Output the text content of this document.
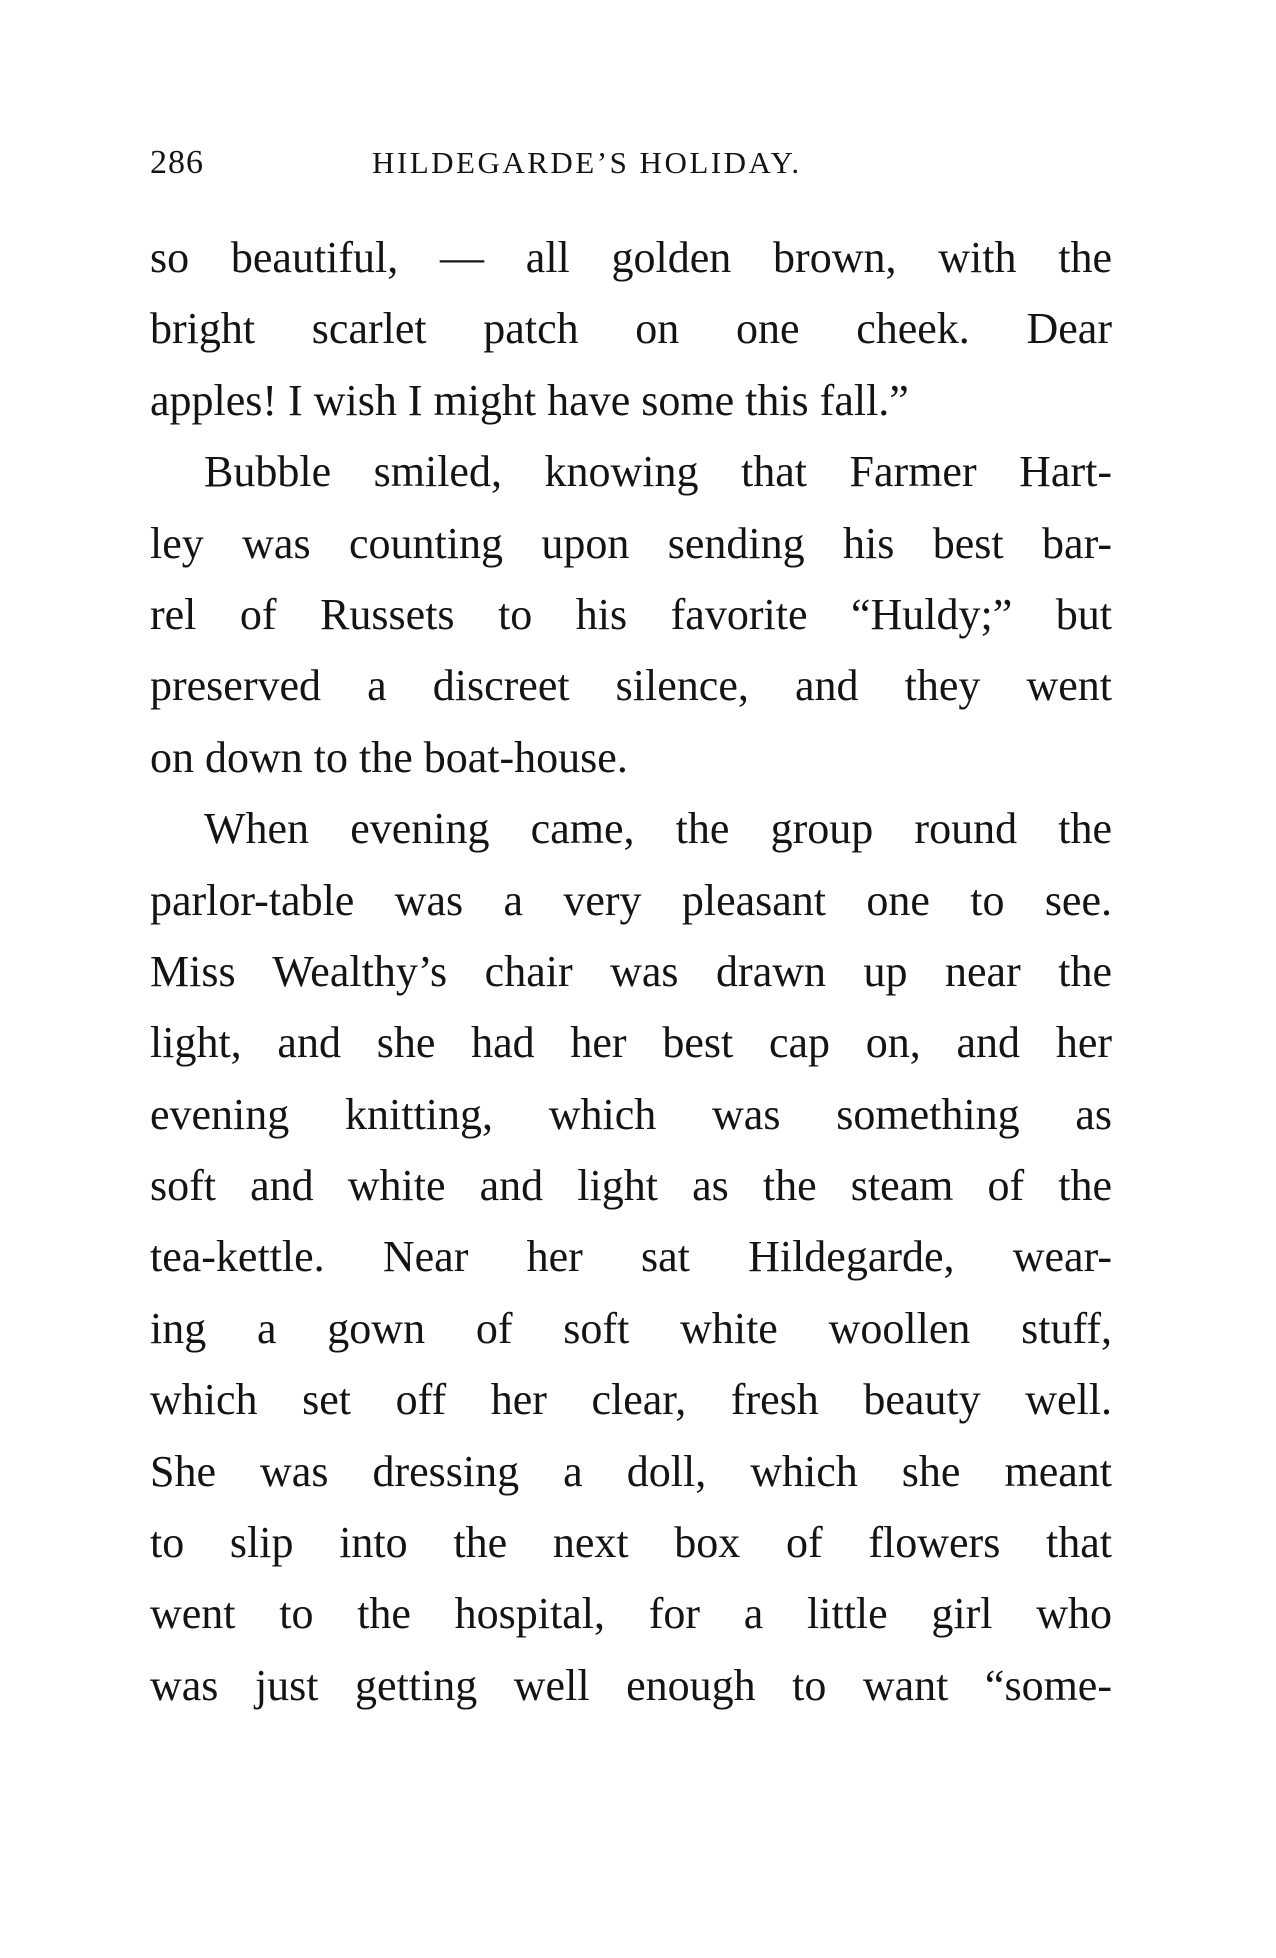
286	HILDEGARDE’S HOLIDAY.
so beautiful, — all golden brown, with the
bright scarlet patch on one cheek. Dear
apples! I wish I might have some this fall.”
Bubble smiled, knowing that Farmer Hart-
ley was counting upon sending his best bar-
rel of Russets to his favorite “Huldy;” but
preserved a discreet silence, and they went
on down to the boat-house.
When evening came, the group round the
parlor-table was a very pleasant one to see.
Miss Wealthy’s chair was drawn up near the
light, and she had her best cap on, and her
evening knitting, which was something as
soft and white and light as the steam of the
tea-kettle. Near her sat Hildegarde, wear-
ing a gown of soft white woollen stuff,
which set off her clear, fresh beauty well.
She was dressing a doll, which she meant
to slip into the next box of flowers that
went to the hospital, for a little girl who
was just getting well enough to want “some-
